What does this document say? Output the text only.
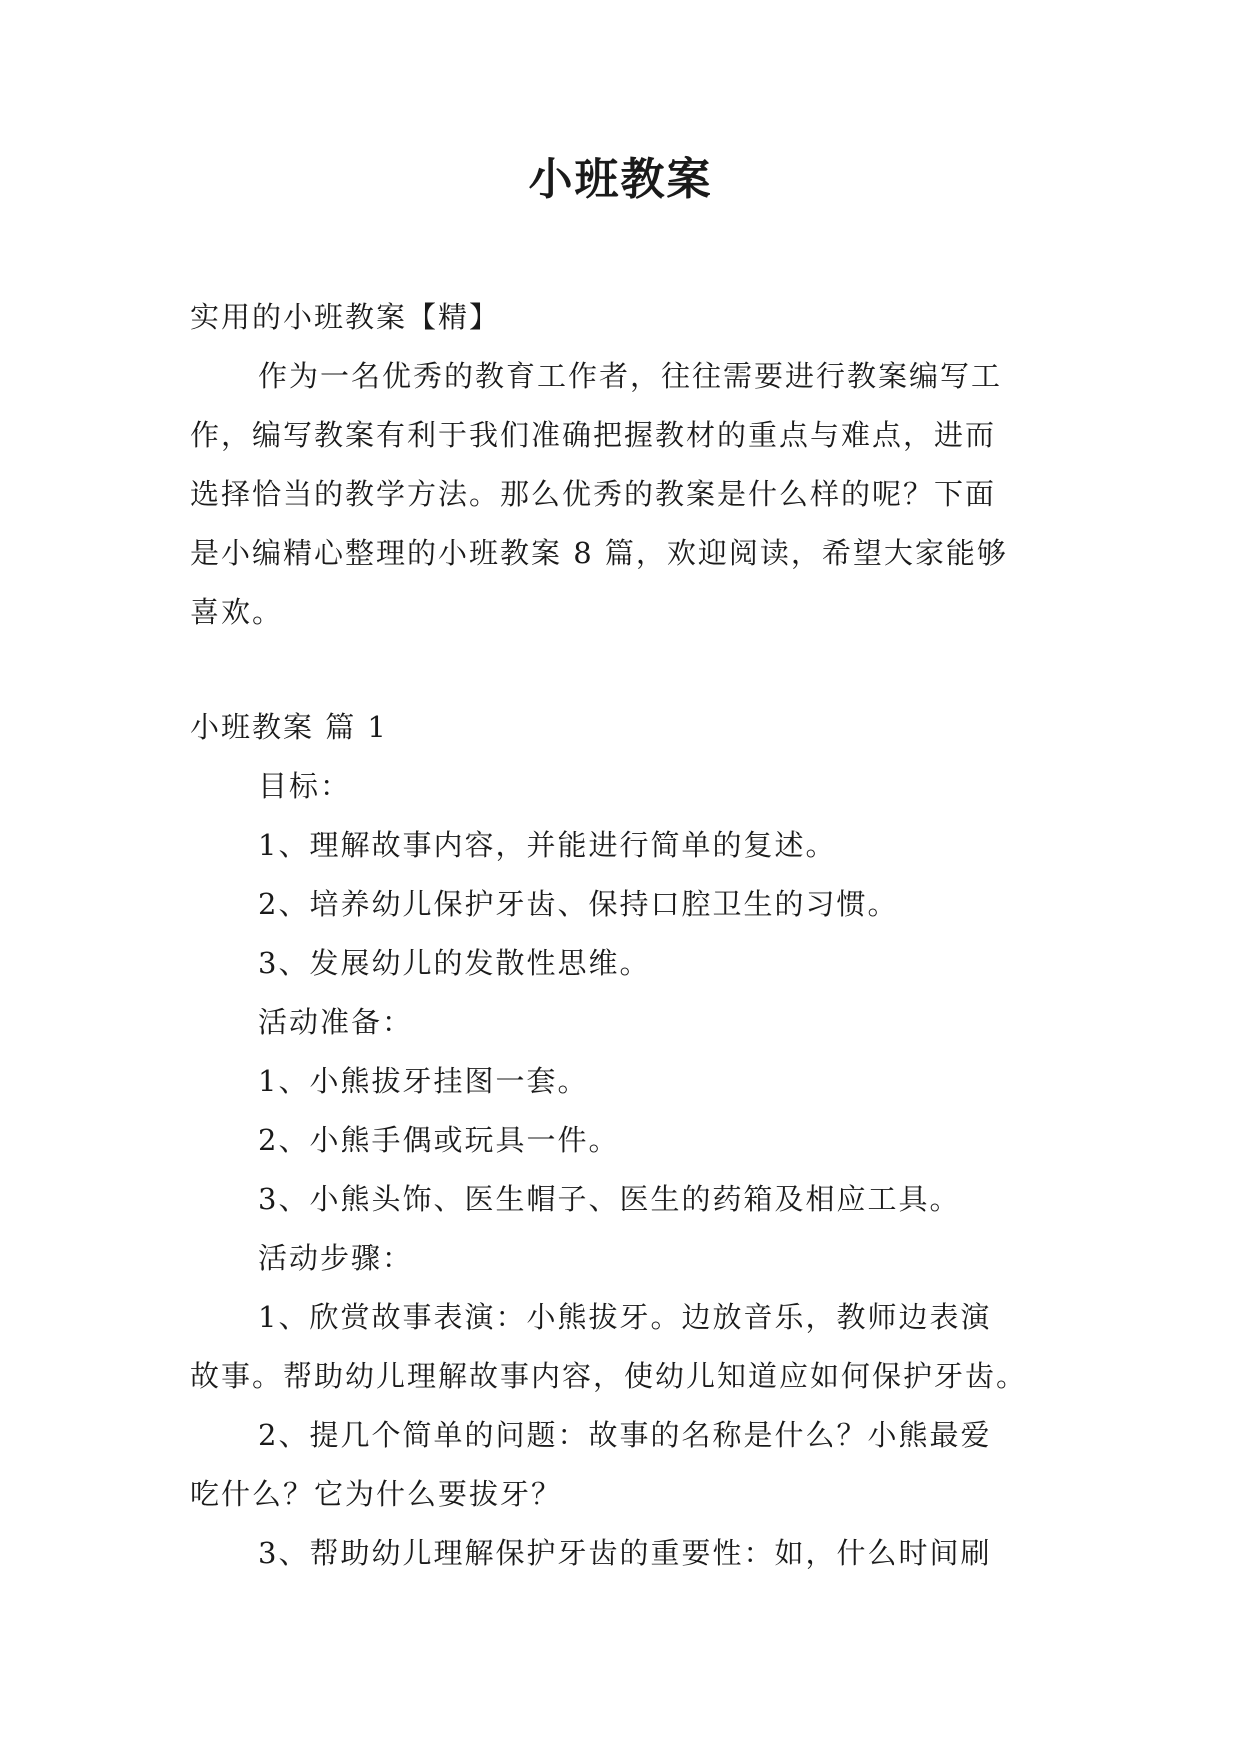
小班教案
实用的小班教案【精】
作为一名优秀的教育工作者，往往需要进行教案编写工
作，编写教案有利于我们准确把握教材的重点与难点，进而
选择恰当的教学方法。那么优秀的教案是什么样的呢？下面
是小编精心整理的小班教案 8 篇，欢迎阅读，希望大家能够
喜欢。
小班教案 篇 1
目标：
1、理解故事内容，并能进行简单的复述。
2、培养幼儿保护牙齿、保持口腔卫生的习惯。
3、发展幼儿的发散性思维。
活动准备：
1、小熊拔牙挂图一套。
2、小熊手偶或玩具一件。
3、小熊头饰、医生帽子、医生的药箱及相应工具。
活动步骤：
1、欣赏故事表演：小熊拔牙。边放音乐，教师边表演
故事。帮助幼儿理解故事内容，使幼儿知道应如何保护牙齿。
2、提几个简单的问题：故事的名称是什么？小熊最爱
吃什么？它为什么要拔牙？
3、帮助幼儿理解保护牙齿的重要性：如，什么时间刷
